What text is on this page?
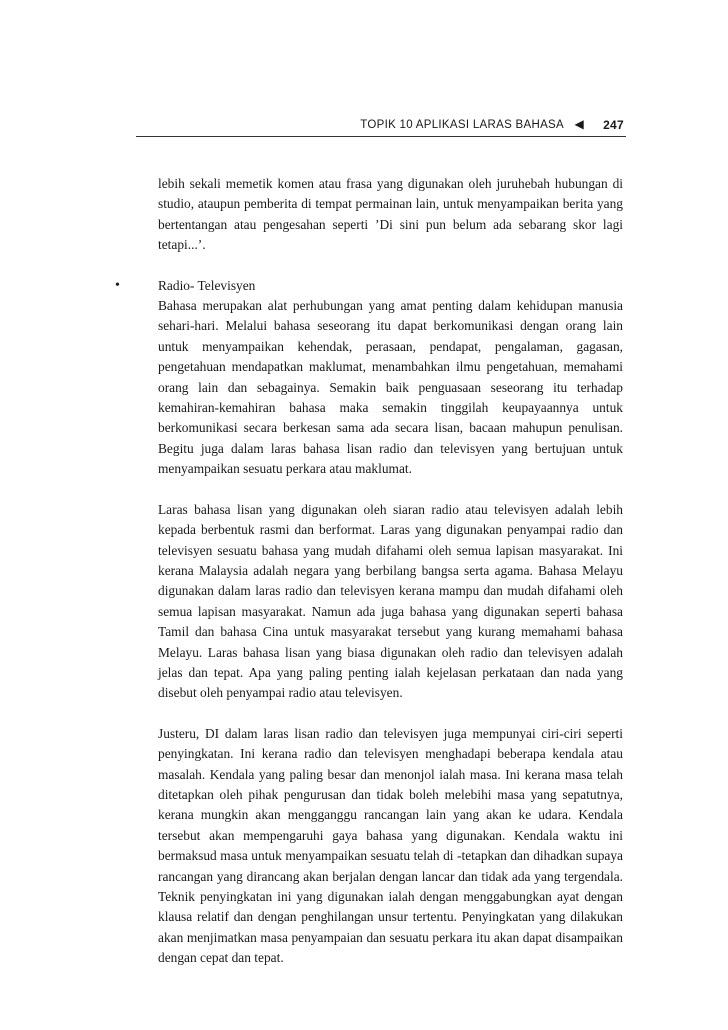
TOPIK 10 APLIKASI LARAS BAHASA ◀ 247

lebih sekali memetik komen atau frasa yang digunakan oleh juruhebah hubungan di studio, ataupun pemberita di tempat permainan lain, untuk menyampaikan berita yang bertentangan atau pengesahan seperti ’Di sini pun belum ada sebarang skor lagi tetapi...’.

•	Radio- Televisyen

Bahasa merupakan alat perhubungan yang amat penting dalam kehidupan manusia sehari-hari. Melalui bahasa seseorang itu dapat berkomunikasi dengan orang lain untuk menyampaikan kehendak, perasaan, pendapat, pengalaman, gagasan, pengetahuan mendapatkan maklumat, menambahkan ilmu pengetahuan, memahami orang lain dan sebagainya. Semakin baik penguasaan seseorang itu terhadap kemahiran-kemahiran bahasa maka semakin tinggilah keupayaannya untuk berkomunikasi secara berkesan sama ada secara lisan, bacaan mahupun penulisan. Begitu juga dalam laras bahasa lisan radio dan televisyen yang bertujuan untuk menyampaikan sesuatu perkara atau maklumat.

Laras bahasa lisan yang digunakan oleh siaran radio atau televisyen adalah lebih kepada berbentuk rasmi dan berformat. Laras yang digunakan penyampai radio dan televisyen sesuatu bahasa yang mudah difahami oleh semua lapisan masyarakat. Ini kerana Malaysia adalah negara yang berbilang bangsa serta agama. Bahasa Melayu digunakan dalam laras radio dan televisyen kerana mampu dan mudah difahami oleh semua lapisan masyarakat. Namun ada juga bahasa yang digunakan seperti bahasa Tamil dan bahasa Cina untuk masyarakat tersebut yang kurang memahami bahasa Melayu. Laras bahasa lisan yang biasa digunakan oleh radio dan televisyen adalah jelas dan tepat. Apa yang paling penting ialah kejelasan perkataan dan nada yang disebut oleh penyampai radio atau televisyen.

Justeru, DI dalam laras lisan radio dan televisyen juga mempunyai ciri-ciri seperti penyingkatan. Ini kerana radio dan televisyen menghadapi beberapa kendala atau masalah. Kendala yang paling besar dan menonjol ialah masa. Ini kerana masa telah ditetapkan oleh pihak pengurusan dan tidak boleh melebihi masa yang sepatutnya, kerana mungkin akan mengganggu rancangan lain yang akan ke udara. Kendala tersebut akan mempengaruhi gaya bahasa yang digunakan. Kendala waktu ini bermaksud masa untuk menyampaikan sesuatu telah di -tetapkan dan dihadkan supaya rancangan yang dirancang akan berjalan dengan lancar dan tidak ada yang tergendala. Teknik penyingkatan ini yang digunakan ialah dengan menggabungkan ayat dengan klausa relatif dan dengan penghilangan unsur tertentu. Penyingkatan yang dilakukan akan menjimatkan masa penyampaian dan sesuatu perkara itu akan dapat disampaikan dengan cepat dan tepat.
